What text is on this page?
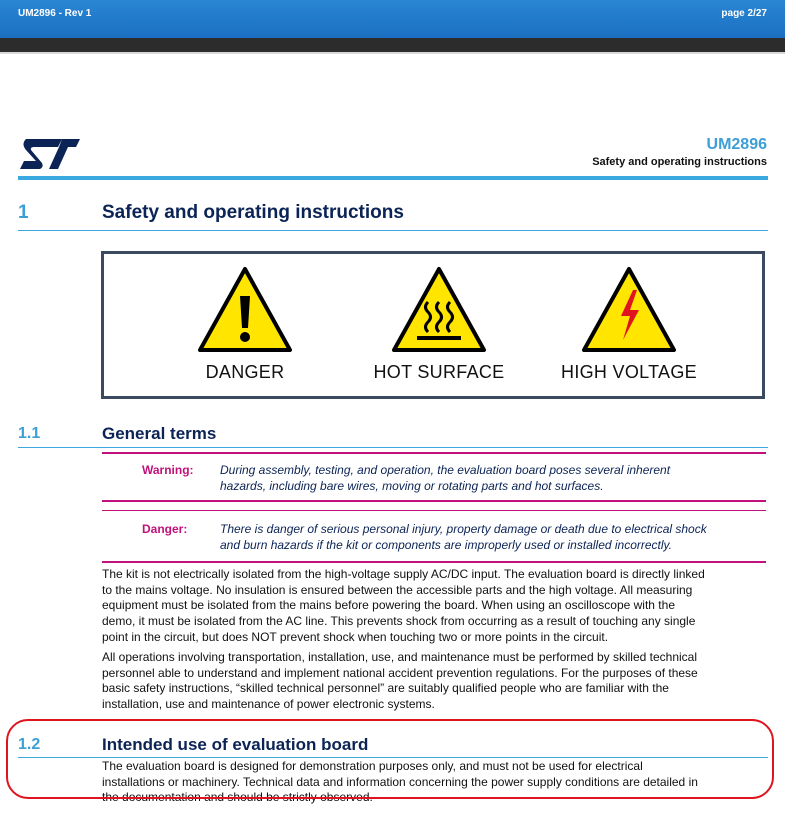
UM2896 - Rev 1	page 2/27
UM2896
Safety and operating instructions
1	Safety and operating instructions
DANGER	HOT SURFACE	HIGH VOLTAGE
1.1	General terms
Warning: During assembly, testing, and operation, the evaluation board poses several inherent
hazards, including bare wires, moving or rotating parts and hot surfaces.
Danger:	There is danger of serious personal injury, property damage or death due to electrical shock
and burn hazards if the kit or components are improperly used or installed incorrectly.
The kit is not electrically isolated from the high-voltage supply AC/DC input. The evaluation board is directly linked
to the mains voltage. No insulation is ensured between the accessible parts and the high voltage. All measuring
equipment must be isolated from the mains before powering the board. When using an oscilloscope with the
demo, it must be isolated from the AC line. This prevents shock from occurring as a result of touching any single
point in the circuit, but does NOT prevent shock when touching two or more points in the circuit.
All operations involving transportation, installation, use, and maintenance must be performed by skilled technical
personnel able to understand and implement national accident prevention regulations. For the purposes of these
basic safety instructions, “skilled technical personnel” are suitably qualified people who are familiar with the
installation, use and maintenance of power electronic systems.
1.2	Intended use of evaluation board
The evaluation board is designed for demonstration purposes only, and must not be used for electrical
installations or machinery. Technical data and information concerning the power supply conditions are detailed in
the documentation and should be strictly observed.
